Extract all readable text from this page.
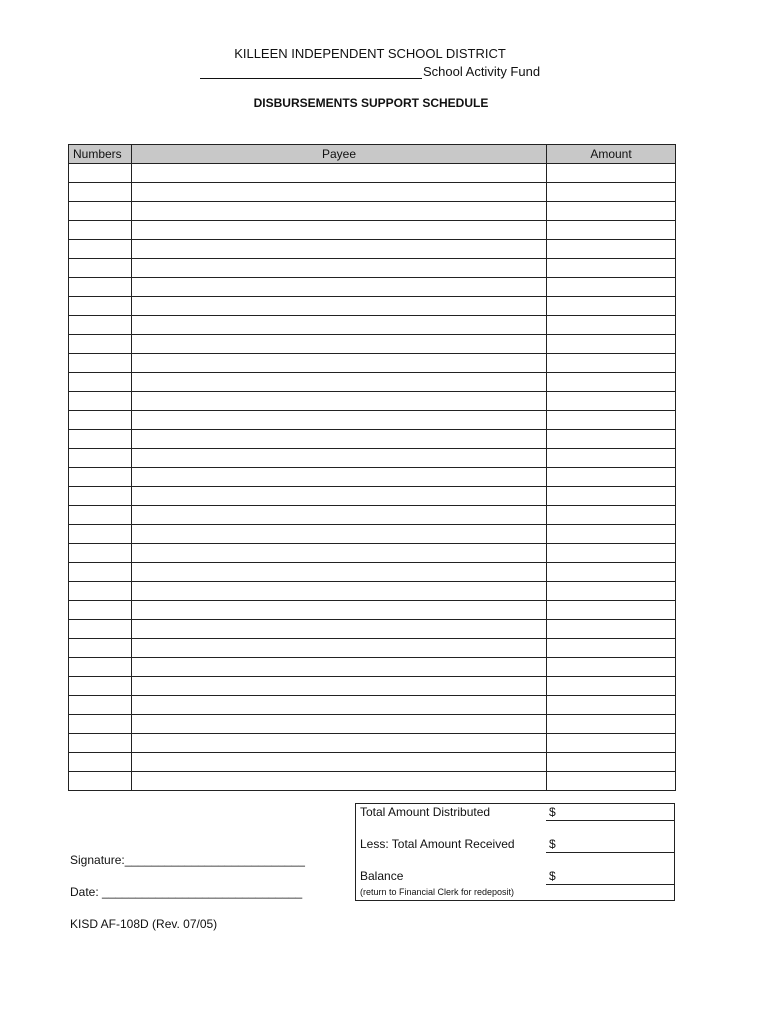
KILLEEN INDEPENDENT SCHOOL DISTRICT
School Activity Fund
DISBURSEMENTS SUPPORT SCHEDULE
Numbers	Payee	Amount

Total Amount Distributed	$
Less: Total Amount Received	$
Balance	$
(return to Financial Clerk for redeposit)
Signature:___________________________
Date: ______________________________
KISD AF-108D (Rev. 07/05)
